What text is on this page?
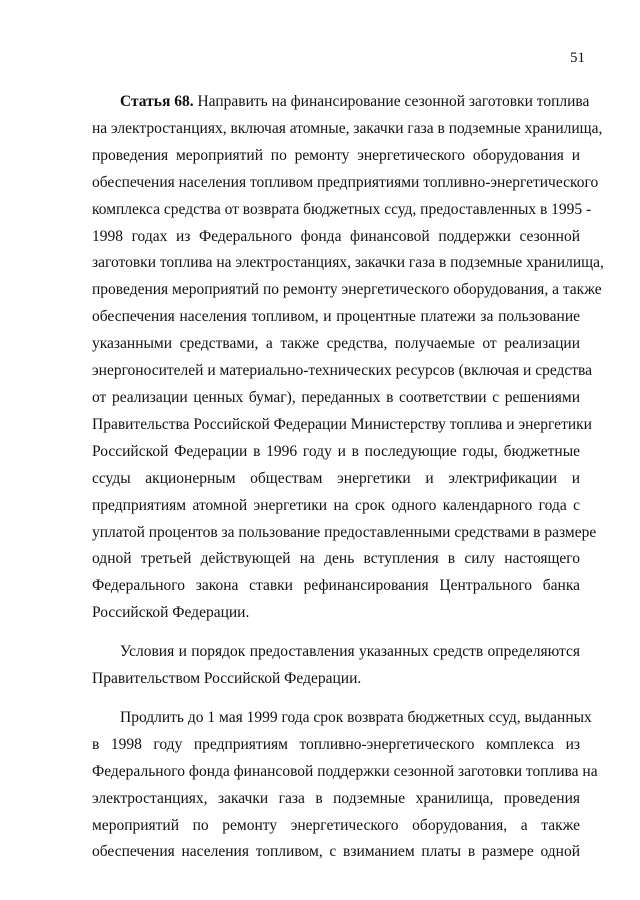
51
Статья 68. Направить на финансирование сезонной заготовки топлива
на электростанциях, включая атомные, закачки газа в подземные хранилища,
проведения мероприятий по ремонту энергетического оборудования и
обеспечения населения топливом предприятиями топливно-энергетического
комплекса средства от возврата бюджетных ссуд, предоставленных в 1995 -
1998 годах из Федерального фонда финансовой поддержки сезонной
заготовки топлива на электростанциях, закачки газа в подземные хранилища,
проведения мероприятий по ремонту энергетического оборудования, а также
обеспечения населения топливом, и процентные платежи за пользование
указанными средствами, а также средства, получаемые от реализации
энергоносителей и материально-технических ресурсов (включая и средства
от реализации ценных бумаг), переданных в соответствии с решениями
Правительства Российской Федерации Министерству топлива и энергетики
Российской Федерации в 1996 году и в последующие годы, бюджетные
ссуды акционерным обществам энергетики и электрификации и
предприятиям атомной энергетики на срок одного календарного года с
уплатой процентов за пользование предоставленными средствами в размере
одной третьей действующей на день вступления в силу настоящего
Федерального закона ставки рефинансирования Центрального банка
Российской Федерации.
Условия и порядок предоставления указанных средств определяются
Правительством Российской Федерации.
Продлить до 1 мая 1999 года срок возврата бюджетных ссуд, выданных
в 1998 году предприятиям топливно-энергетического комплекса из
Федерального фонда финансовой поддержки сезонной заготовки топлива на
электростанциях, закачки газа в подземные хранилища, проведения
мероприятий по ремонту энергетического оборудования, а также
обеспечения населения топливом, с взиманием платы в размере одной
